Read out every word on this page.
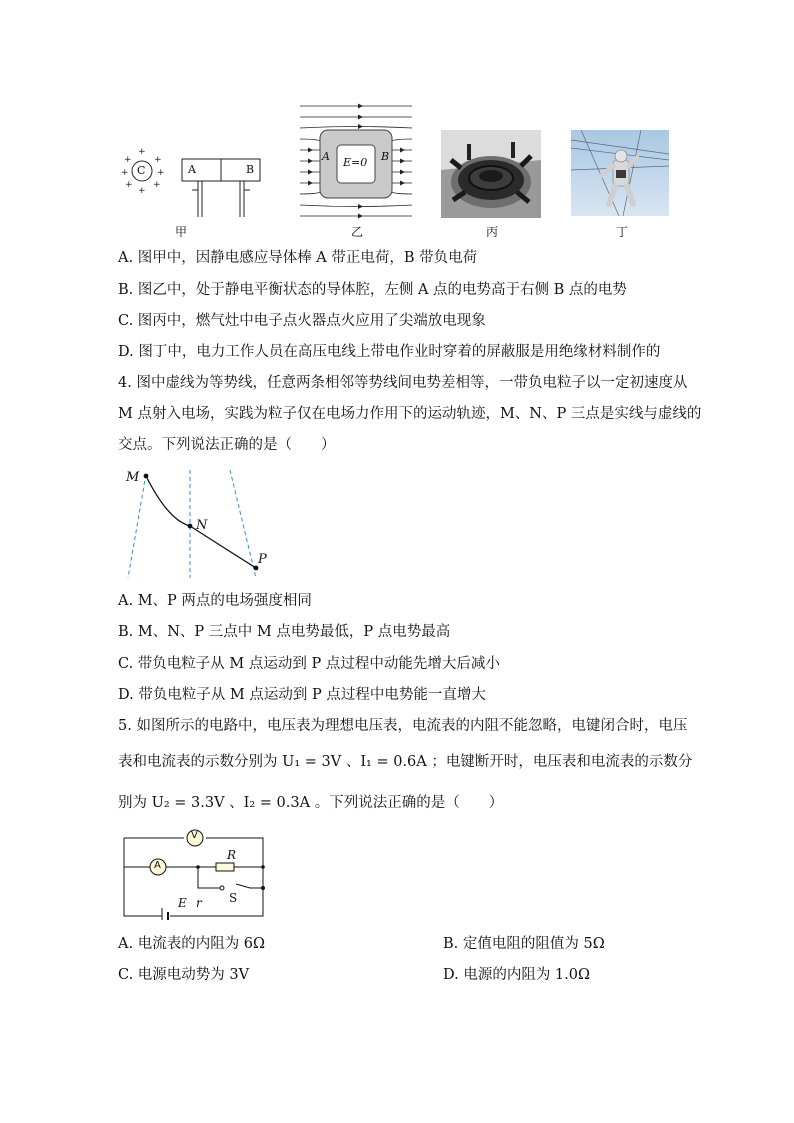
+
+ +
+	+
+ +
+
C	A	B
甲
E=0
A	B
乙	丙	丁
A. 图甲中，因静电感应导体棒 A 带正电荷，B 带负电荷
B. 图乙中，处于静电平衡状态的导体腔，左侧 A 点的电势高于右侧 B 点的电势
C. 图丙中，燃气灶中电子点火器点火应用了尖端放电现象
D. 图丁中，电力工作人员在高压电线上带电作业时穿着的屏蔽服是用绝缘材料制作的
4. 图中虚线为等势线，任意两条相邻等势线间电势差相等，一带负电粒子以一定初速度从
M 点射入电场，实践为粒子仅在电场力作用下的运动轨迹，M、N、P 三点是实线与虚线的
交点。下列说法正确的是（　　）
M
N
P
A. M、P 两点的电场强度相同
B. M、N、P 三点中 M 点电势最低，P 点电势最高
C. 带负电粒子从 M 点运动到 P 点过程中动能先增大后减小
D. 带负电粒子从 M 点运动到 P 点过程中电势能一直增大
5. 如图所示的电路中，电压表为理想电压表，电流表的内阻不能忽略，电键闭合时，电压
表和电流表的示数分别为 U₁ = 3V 、I₁ = 0.6A ；电键断开时，电压表和电流表的示数分
别为 U₂ = 3.3V 、I₂ = 0.3A 。下列说法正确的是（　　）
V
A
R
S
E r
A. 电流表的内阻为 6Ω	B. 定值电阻的阻值为 5Ω
C. 电源电动势为 3V	D. 电源的内阻为 1.0Ω
